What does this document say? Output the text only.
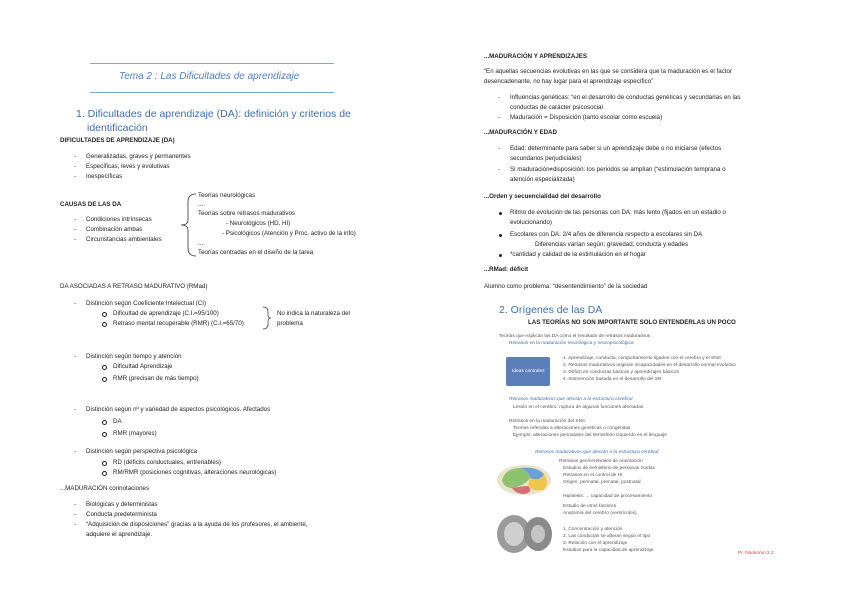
Tema 2 : Las Dificultades de aprendizaje
1. Dificultades de aprendizaje (DA): definición y criterios de
identificación
DIFICULTADES DE APRENDIZAJE (DA)
- Generalizadas, graves y permanentes
- Específicas, leves y evolutivas
- Inespecíficas
CAUSAS DE LAS DA
- Condiciones intrínsecas
- Combinación ambas
- Circunstancias ambientales
Teorías neurológicas
...
Teorías sobre retrasos madurativos
- Neurológicos (HD, HI)
- Psicológicos (Atención y Proc. activo de la info)
...
Teorías centradas en el diseño de la tarea
DA ASOCIADAS A RETRASO MADURATIVO (RMad)
- Distinción según Coeficiente Intelectual (CI)
Dificultad de aprendizaje (C.I.=95/100)
Retraso mental recuperable (RMR) (C.I.=65/70)
No indica la naturaleza del
problema
- Distinción según tiempo y atención
Dificultad Aprendizaje
RMR (precisan de más tiempo)
- Distinción según nº y variedad de aspectos psicológicos. Afectados
DA
RMR (mayores)
- Distinción según perspectiva psicológica
RD (déficits conductuales, entrenables)
RM/RMR (posiciones cognitivas, alteraciones neurológicas)
...MADURACIÓN connotaciones
- Biológicas y deterministas
- Conducta predeterminista
- “Adquisición de disposiciones” gracias a la ayuda de los profesores, el ambiente,
adquiere el aprendizaje.
...MADURACIÓN Y APRENDIZAJES
“En aquellas secuencias evolutivas en las que se considera que la maduración es el factor
desencadenante, no hay lugar para el aprendizaje específico”
- Influencias genéticas: “en el desarrollo de conductas genéticas y secundarias en las
conductas de carácter psicosocial
- Maduración = Disposición (tanto escolar como escuela)
...MADURACIÓN Y EDAD
- Edad: determinante para saber si un aprendizaje debe o no iniciarse (efectos
secundarios perjudiciales)
- Si maduración≠disposición: los periodos se amplían (“estimulación temprana o
atención especializada)
...Orden y secuencialidad del desarrollo
Ritmo de evolución de las personas con DA: más lento (fijados en un estadio o
evolucionando)
Escolares con DA: 2/4 años de diferencia respecto a escolares sin DA
Diferencias varían según: gravedad, conducta y edades
*cantidad y calidad de la estimulación en el hogar
...RMad: déficit
Alumno como problema: “desentendimiento” de la sociedad
2. Orígenes de las DA
LAS TEORÍAS NO SON IMPORTANTE SOLO ENTENDERLAS UN POCO
Teorías que explican las DA como el resultado de retrasos madurativos
Retrasos en la maduración neurológica y neuropsicológica
Ideas centrales
1. Aprendizaje, conducta, comportamiento ligados con el cerebro y el SNC
2. Retrasos madurativos originan incapacidades en el desarrollo normal evolutivo
3. Déficit en conductas básicas y aprendizajes básicos
4. Intervención basada en el desarrollo del SN
Retrasos madurativos que afectan a la estructura cerebral
Lesión en el cerebro: ruptura de algunas funciones afectadas
Retrasos en la maduración del SNC
Teorías referidas a alteraciones genéticas o congénitas
Ejemplo: alteraciones perinatales del hemisferio izquierdo en el lenguaje
Retrasos madurativos que afectan a la estructura cerebral
Retrasos gen/cerebrales de orientación
Estudios de hemisferio de personas zurdas
Retrasos en el control de HI
Origen: perinatal, prenatal, postnatal
Hipótesis: ... capacidad de procesamiento
Estudio de otros factores
Anatomía del cerebro (ventrículos)
1. Concentración y atención
2. Las conductas se alteran según el tipo
3. Relación con el aprendizaje
Estudios para la capacidad de aprendizaje
Pr. Nonkomo 2.2
